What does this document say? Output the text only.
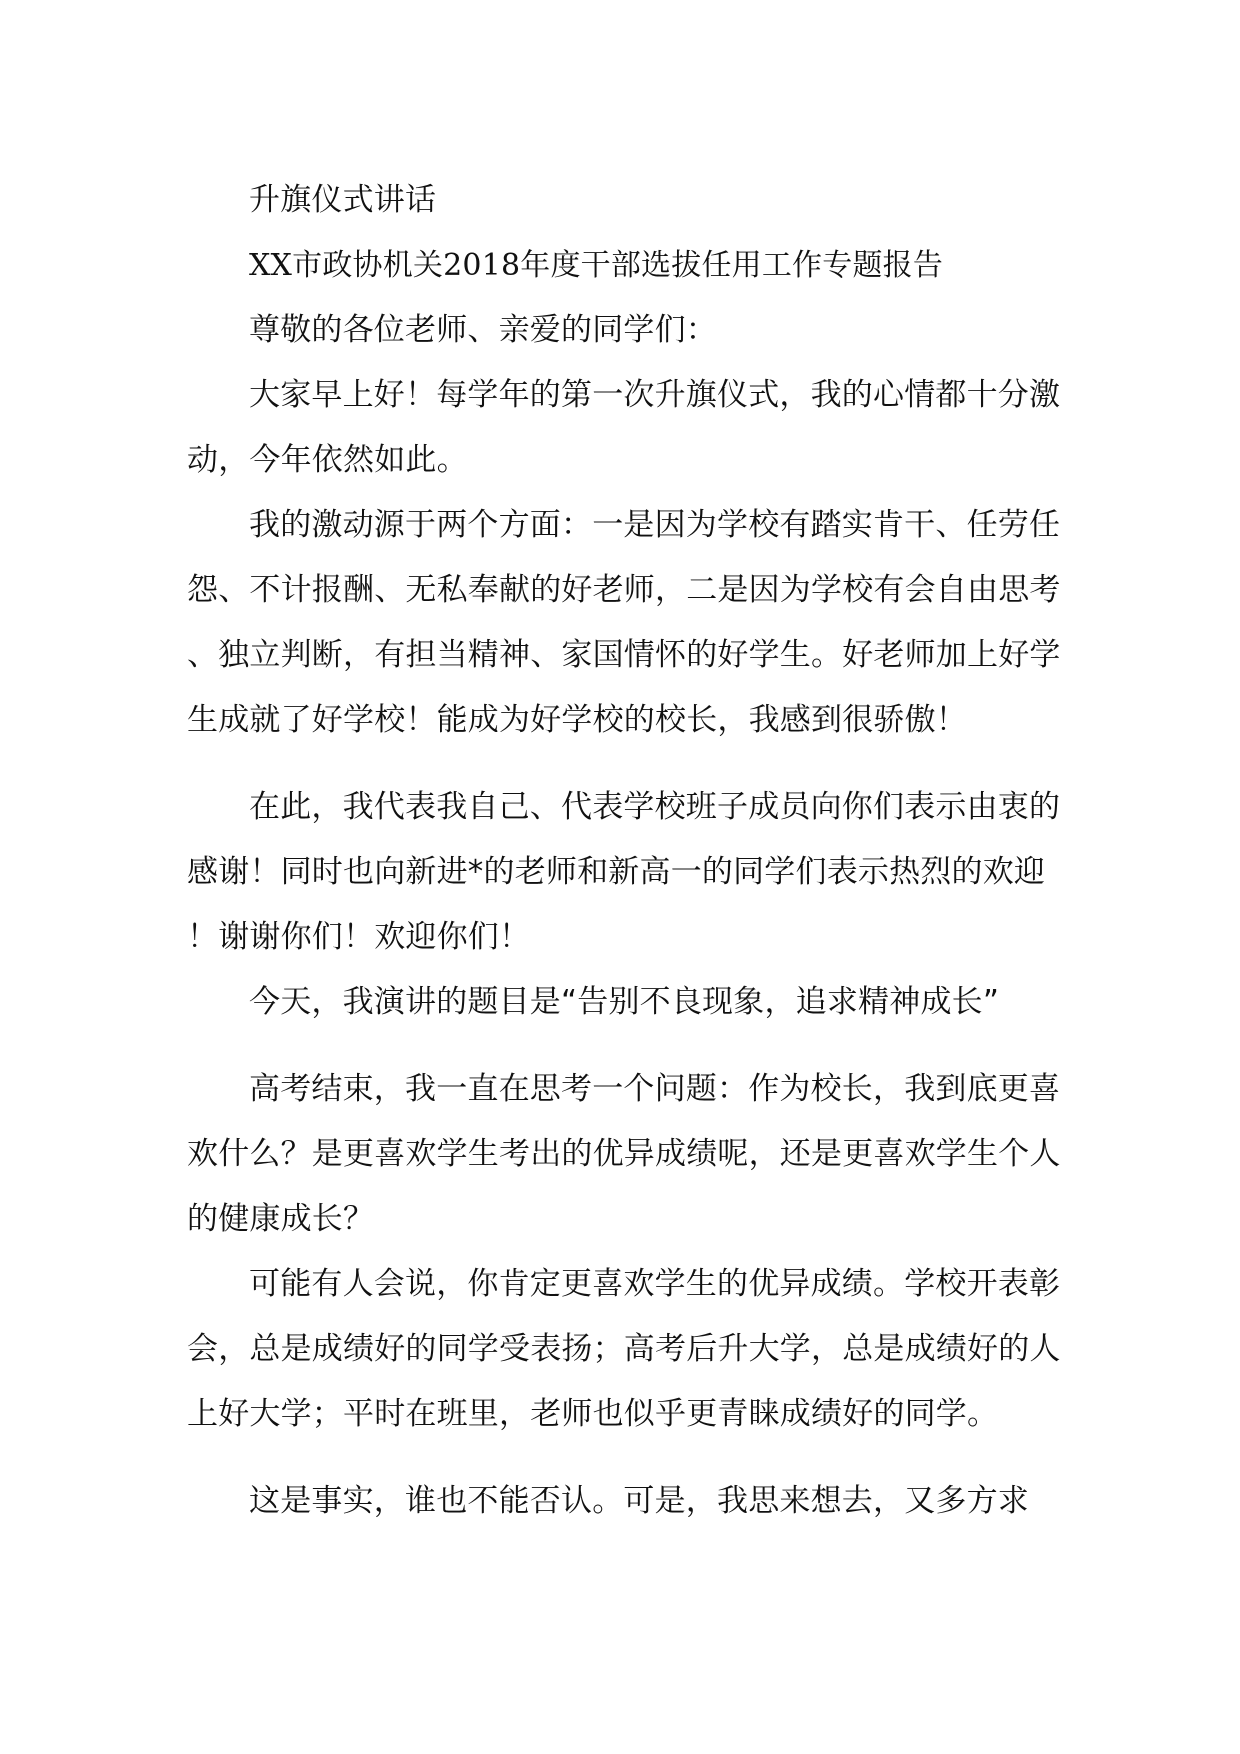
升旗仪式讲话

XX市政协机关2018年度干部选拔任用工作专题报告

尊敬的各位老师、亲爱的同学们：

大家早上好！每学年的第一次升旗仪式，我的心情都十分激动，今年依然如此。

我的激动源于两个方面：一是因为学校有踏实肯干、任劳任怨、不计报酬、无私奉献的好老师，二是因为学校有会自由思考、独立判断，有担当精神、家国情怀的好学生。好老师加上好学生成就了好学校！能成为好学校的校长，我感到很骄傲！

在此，我代表我自己、代表学校班子成员向你们表示由衷的感谢！同时也向新进*的老师和新高一的同学们表示热烈的欢迎！谢谢你们！欢迎你们！

今天，我演讲的题目是“告别不良现象，追求精神成长”

高考结束，我一直在思考一个问题：作为校长，我到底更喜欢什么？是更喜欢学生考出的优异成绩呢，还是更喜欢学生个人的健康成长？

可能有人会说，你肯定更喜欢学生的优异成绩。学校开表彰会，总是成绩好的同学受表扬；高考后升大学，总是成绩好的人上好大学；平时在班里，老师也似乎更青睐成绩好的同学。

这是事实，谁也不能否认。可是，我思来想去，又多方求
